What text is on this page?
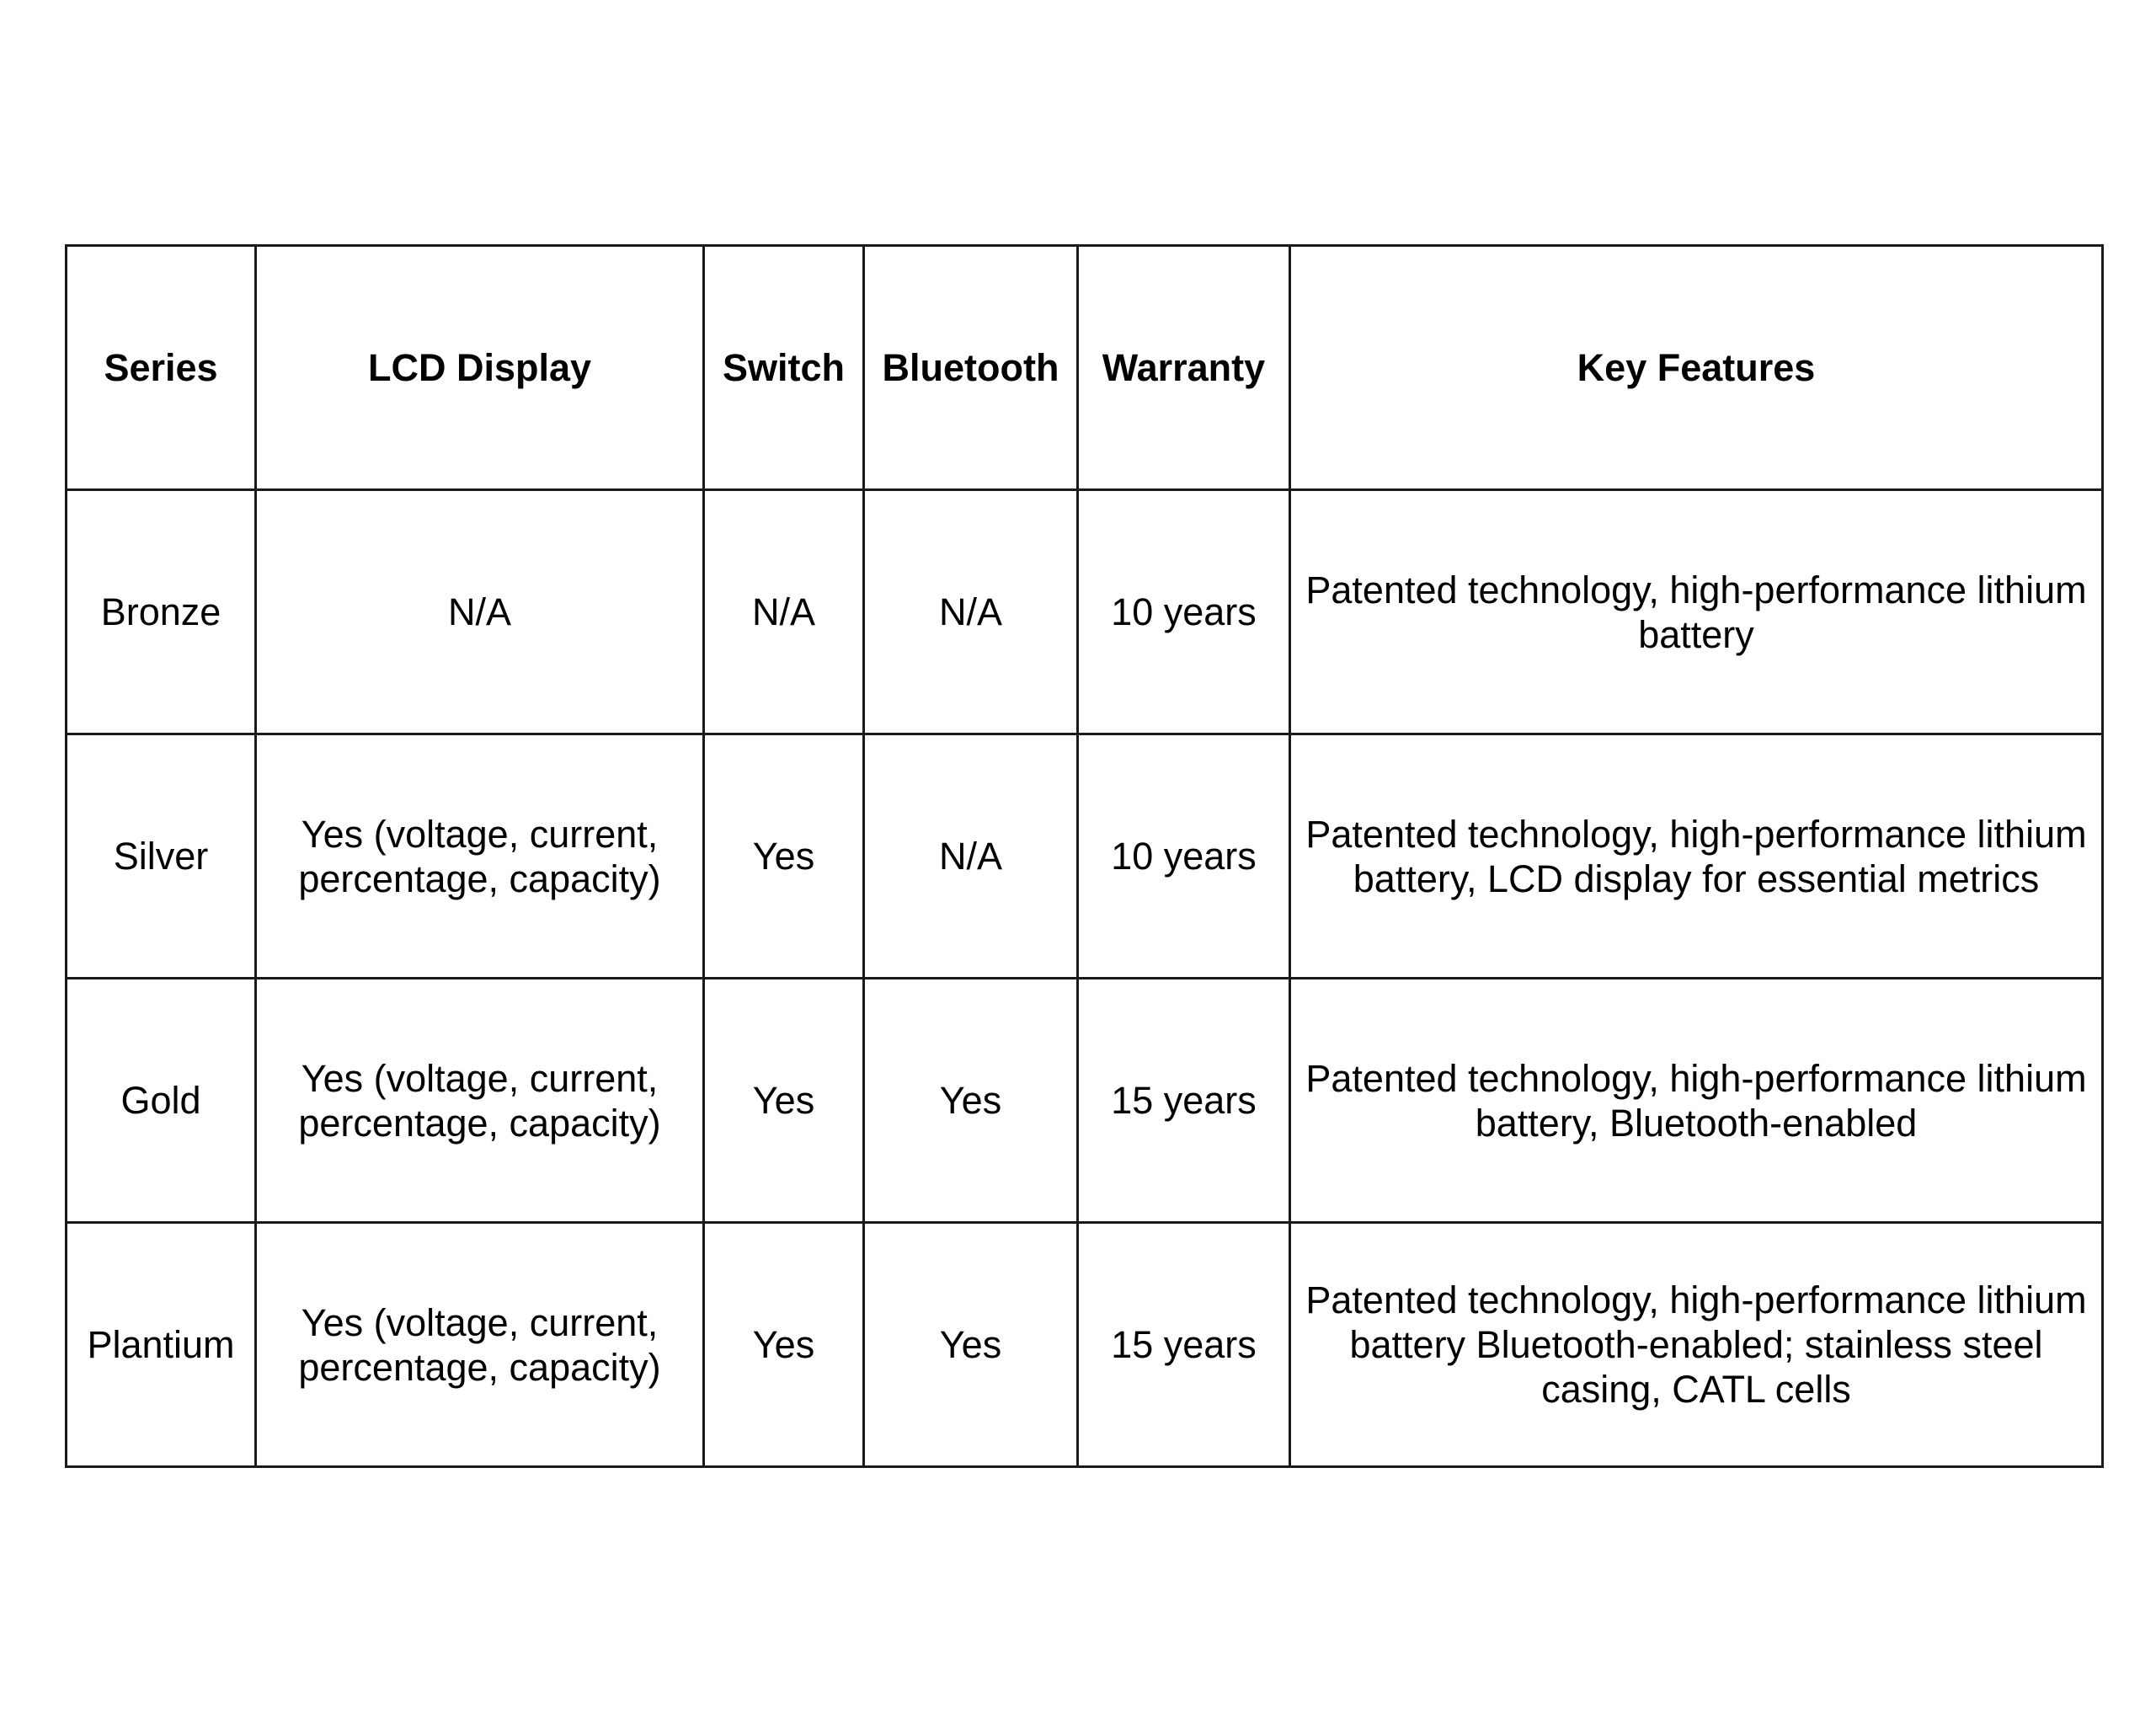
Series	LCD Display	Switch	Bluetooth	Warranty	Key Features

Bronze	N/A	N/A	N/A	10 years	Patented technology, high-performance lithium
battery

Silver	Yes (voltage, current,
percentage, capacity)	Yes	N/A	10 years	Patented technology, high-performance lithium
battery, LCD display for essential metrics

Gold	Yes (voltage, current,
percentage, capacity)	Yes	Yes	15 years	Patented technology, high-performance lithium
battery, Bluetooth-enabled

Plantium	Yes (voltage, current,
percentage, capacity)	Yes	Yes	15 years	Patented technology, high-performance lithium
battery Bluetooth-enabled; stainless steel
casing, CATL cells
